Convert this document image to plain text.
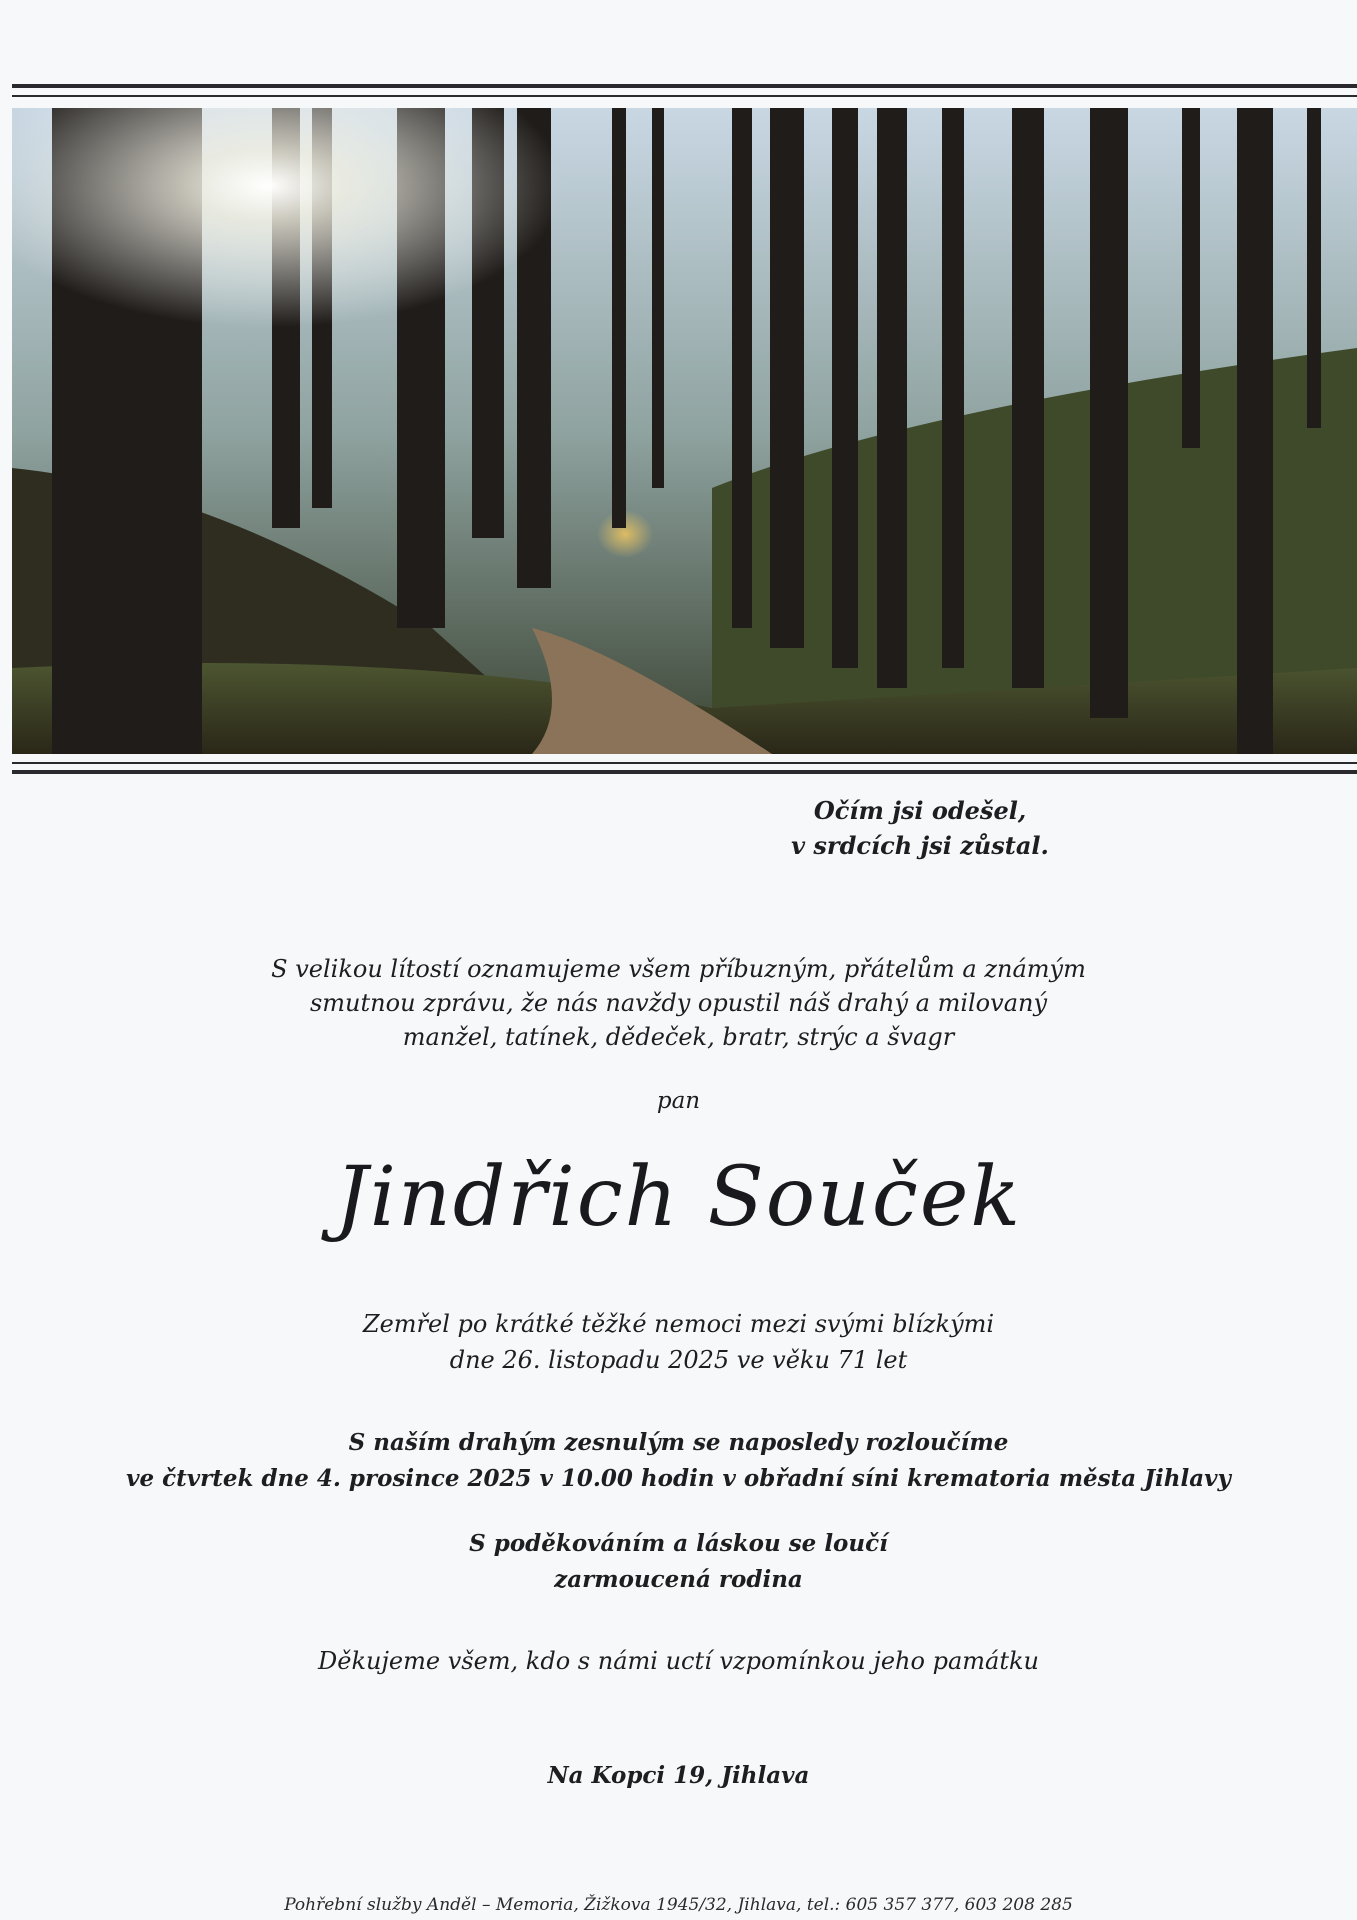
Očím jsi odešel,
v srdcích jsi zůstal.
S velikou lítostí oznamujeme všem příbuzným, přátelům a známým
smutnou zprávu, že nás navždy opustil náš drahý a milovaný
manžel, tatínek, dědeček, bratr, strýc a švagr
pan
Jindřich Souček
Zemřel po krátké těžké nemoci mezi svými blízkými
dne 26. listopadu 2025 ve věku 71 let
S naším drahým zesnulým se naposledy rozloučíme
ve čtvrtek dne 4. prosince 2025 v 10.00 hodin v obřadní síni krematoria města Jihlavy
S poděkováním a láskou se loučí
zarmoucená rodina
Děkujeme všem, kdo s námi uctí vzpomínkou jeho památku
Na Kopci 19, Jihlava
Pohřební služby Anděl – Memoria, Žižkova 1945/32, Jihlava, tel.: 605 357 377, 603 208 285
